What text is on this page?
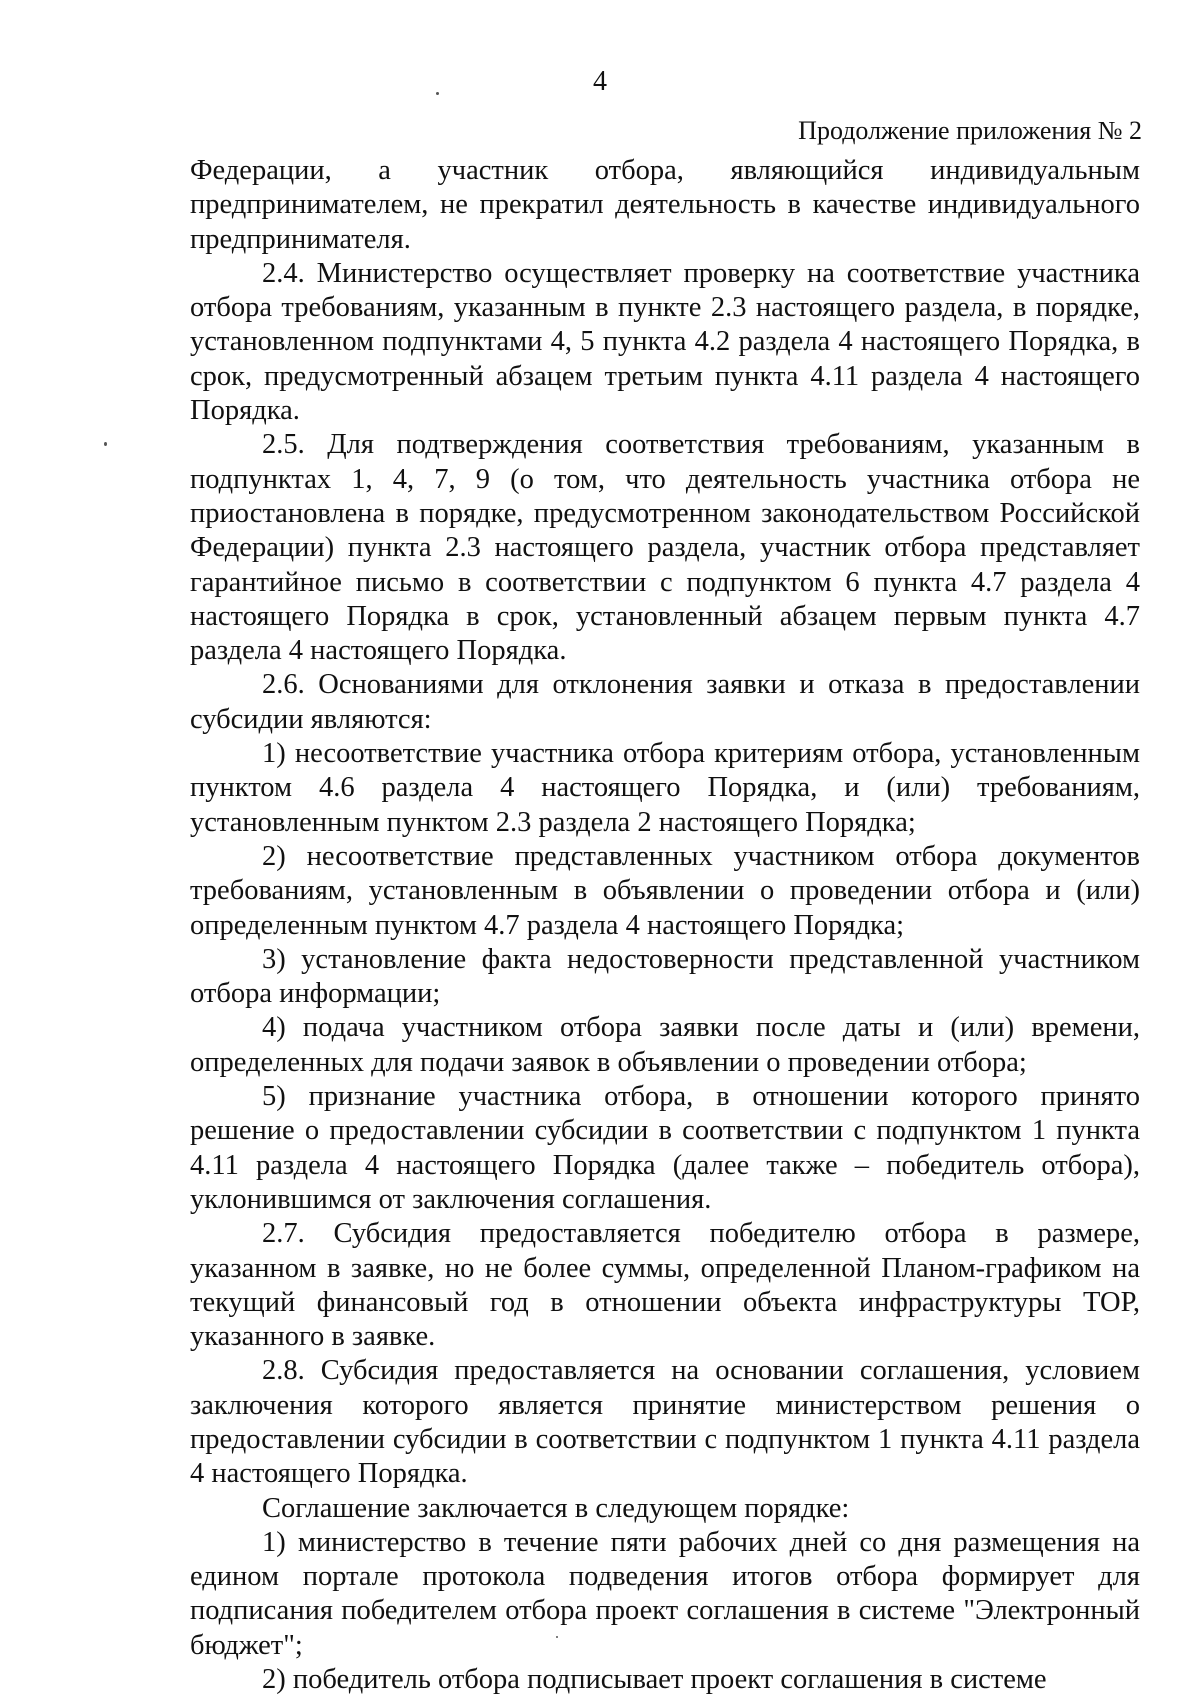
4
Продолжение приложения № 2

Федерации, а участник отбора, являющийся индивидуальным предпринимателем, не прекратил деятельность в качестве индивидуального предпринимателя.

2.4. Министерство осуществляет проверку на соответствие участника отбора требованиям, указанным в пункте 2.3 настоящего раздела, в порядке, установленном подпунктами 4, 5 пункта 4.2 раздела 4 настоящего Порядка, в срок, предусмотренный абзацем третьим пункта 4.11 раздела 4 настоящего Порядка.

2.5. Для подтверждения соответствия требованиям, указанным в подпунктах 1, 4, 7, 9 (о том, что деятельность участника отбора не приостановлена в порядке, предусмотренном законодательством Российской Федерации) пункта 2.3 настоящего раздела, участник отбора представляет гарантийное письмо в соответствии с подпунктом 6 пункта 4.7 раздела 4 настоящего Порядка в срок, установленный абзацем первым пункта 4.7 раздела 4 настоящего Порядка.

2.6. Основаниями для отклонения заявки и отказа в предоставлении субсидии являются:

1) несоответствие участника отбора критериям отбора, установленным пунктом 4.6 раздела 4 настоящего Порядка, и (или) требованиям, установленным пунктом 2.3 раздела 2 настоящего Порядка;

2) несоответствие представленных участником отбора документов требованиям, установленным в объявлении о проведении отбора и (или) определенным пунктом 4.7 раздела 4 настоящего Порядка;

3) установление факта недостоверности представленной участником отбора информации;

4) подача участником отбора заявки после даты и (или) времени, определенных для подачи заявок в объявлении о проведении отбора;

5) признание участника отбора, в отношении которого принято решение о предоставлении субсидии в соответствии с подпунктом 1 пункта 4.11 раздела 4 настоящего Порядка (далее также – победитель отбора), уклонившимся от заключения соглашения.

2.7. Субсидия предоставляется победителю отбора в размере, указанном в заявке, но не более суммы, определенной Планом-графиком на текущий финансовый год в отношении объекта инфраструктуры ТОР, указанного в заявке.

2.8. Субсидия предоставляется на основании соглашения, условием заключения которого является принятие министерством решения о предоставлении субсидии в соответствии с подпунктом 1 пункта 4.11 раздела 4 настоящего Порядка.

Соглашение заключается в следующем порядке:

1) министерство в течение пяти рабочих дней со дня размещения на едином портале протокола подведения итогов отбора формирует для подписания победителем отбора проект соглашения в системе "Электронный бюджет";

2) победитель отбора подписывает проект соглашения в системе
